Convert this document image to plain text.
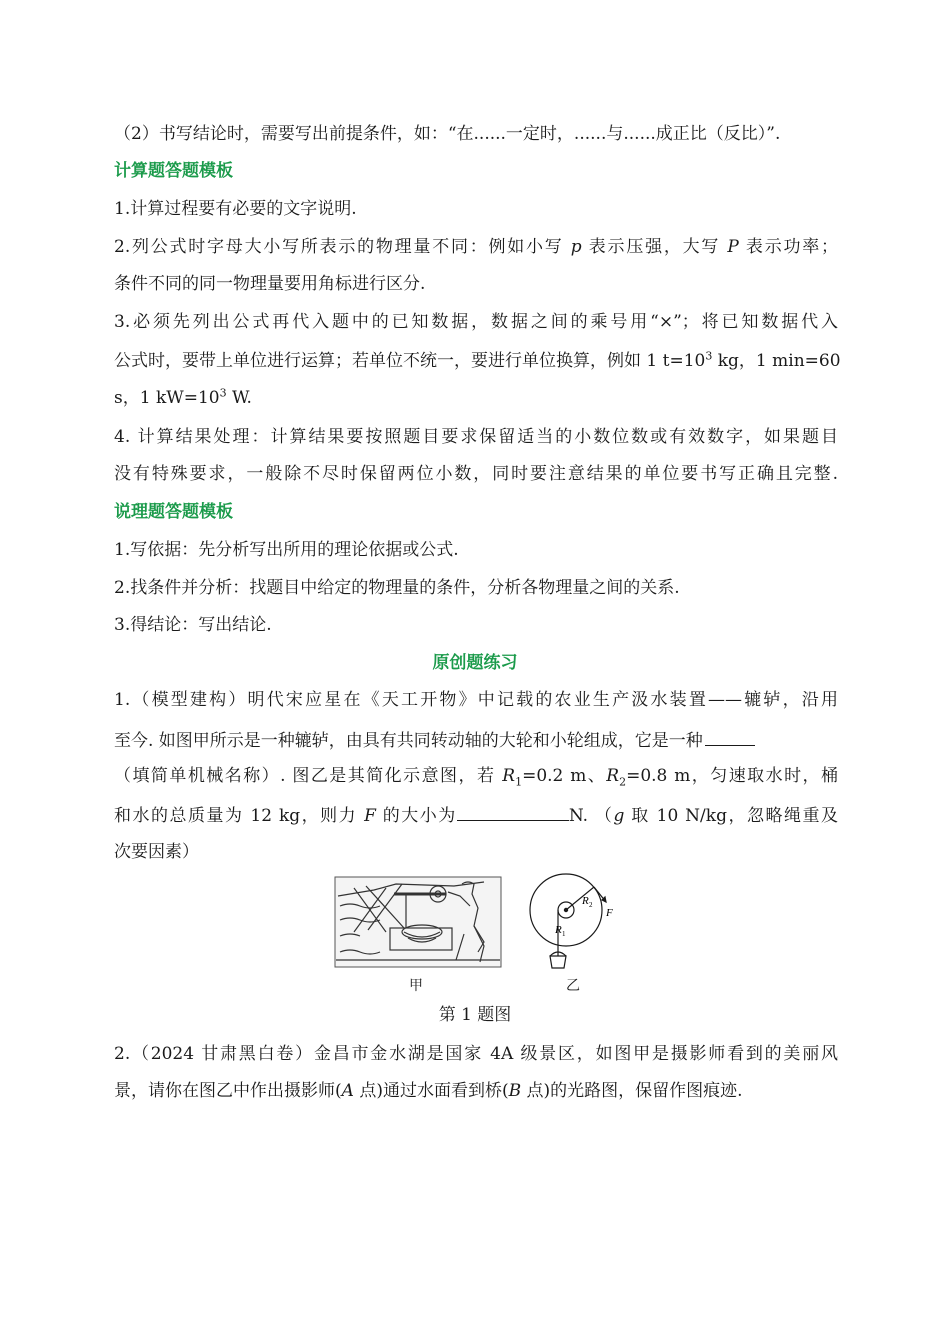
（2）书写结论时，需要写出前提条件，如：“在......一定时，......与......成正比（反比）”.
计算题答题模板
1.计算过程要有必要的文字说明.
2.列公式时字母大小写所表示的物理量不同：例如小写 p 表示压强，大写 P 表示功率；
条件不同的同一物理量要用角标进行区分.
3.必须先列出公式再代入题中的已知数据，数据之间的乘号用“×”；将已知数据代入
公式时，要带上单位进行运算；若单位不统一，要进行单位换算，例如 1 $t=10^3$ kg，1 min=60
s，1 $kW=10^3$ W.
4. 计算结果处理：计算结果要按照题目要求保留适当的小数位数或有效数字，如果题目
没有特殊要求，一般除不尽时保留两位小数，同时要注意结果的单位要书写正确且完整.
说理题答题模板
1.写依据：先分析写出所用的理论依据或公式.
2.找条件并分析：找题目中给定的物理量的条件，分析各物理量之间的关系.
3.得结论：写出结论.
原创题练习
1.（模型建构）明代宋应星在《天工开物》中记载的农业生产汲水装置——辘轳，沿用
至今. 如图甲所示是一种辘轳，由具有共同转动轴的大轮和小轮组成，它是一种
（填简单机械名称）. 图乙是其简化示意图，若 $R_1=0.2$ m、$R_2=0.8$ m，匀速取水时，桶
和水的总质量为 12 kg，则力 F 的大小为	N. （g 取 10 N/kg，忽略绳重及
次要因素）
甲
R 1
R 2
F
乙
第 1 题图
2.（2024 甘肃黑白卷）金昌市金水湖是国家 4A 级景区，如图甲是摄影师看到的美丽风
景，请你在图乙中作出摄影师(A 点)通过水面看到桥(B 点)的光路图，保留作图痕迹.
